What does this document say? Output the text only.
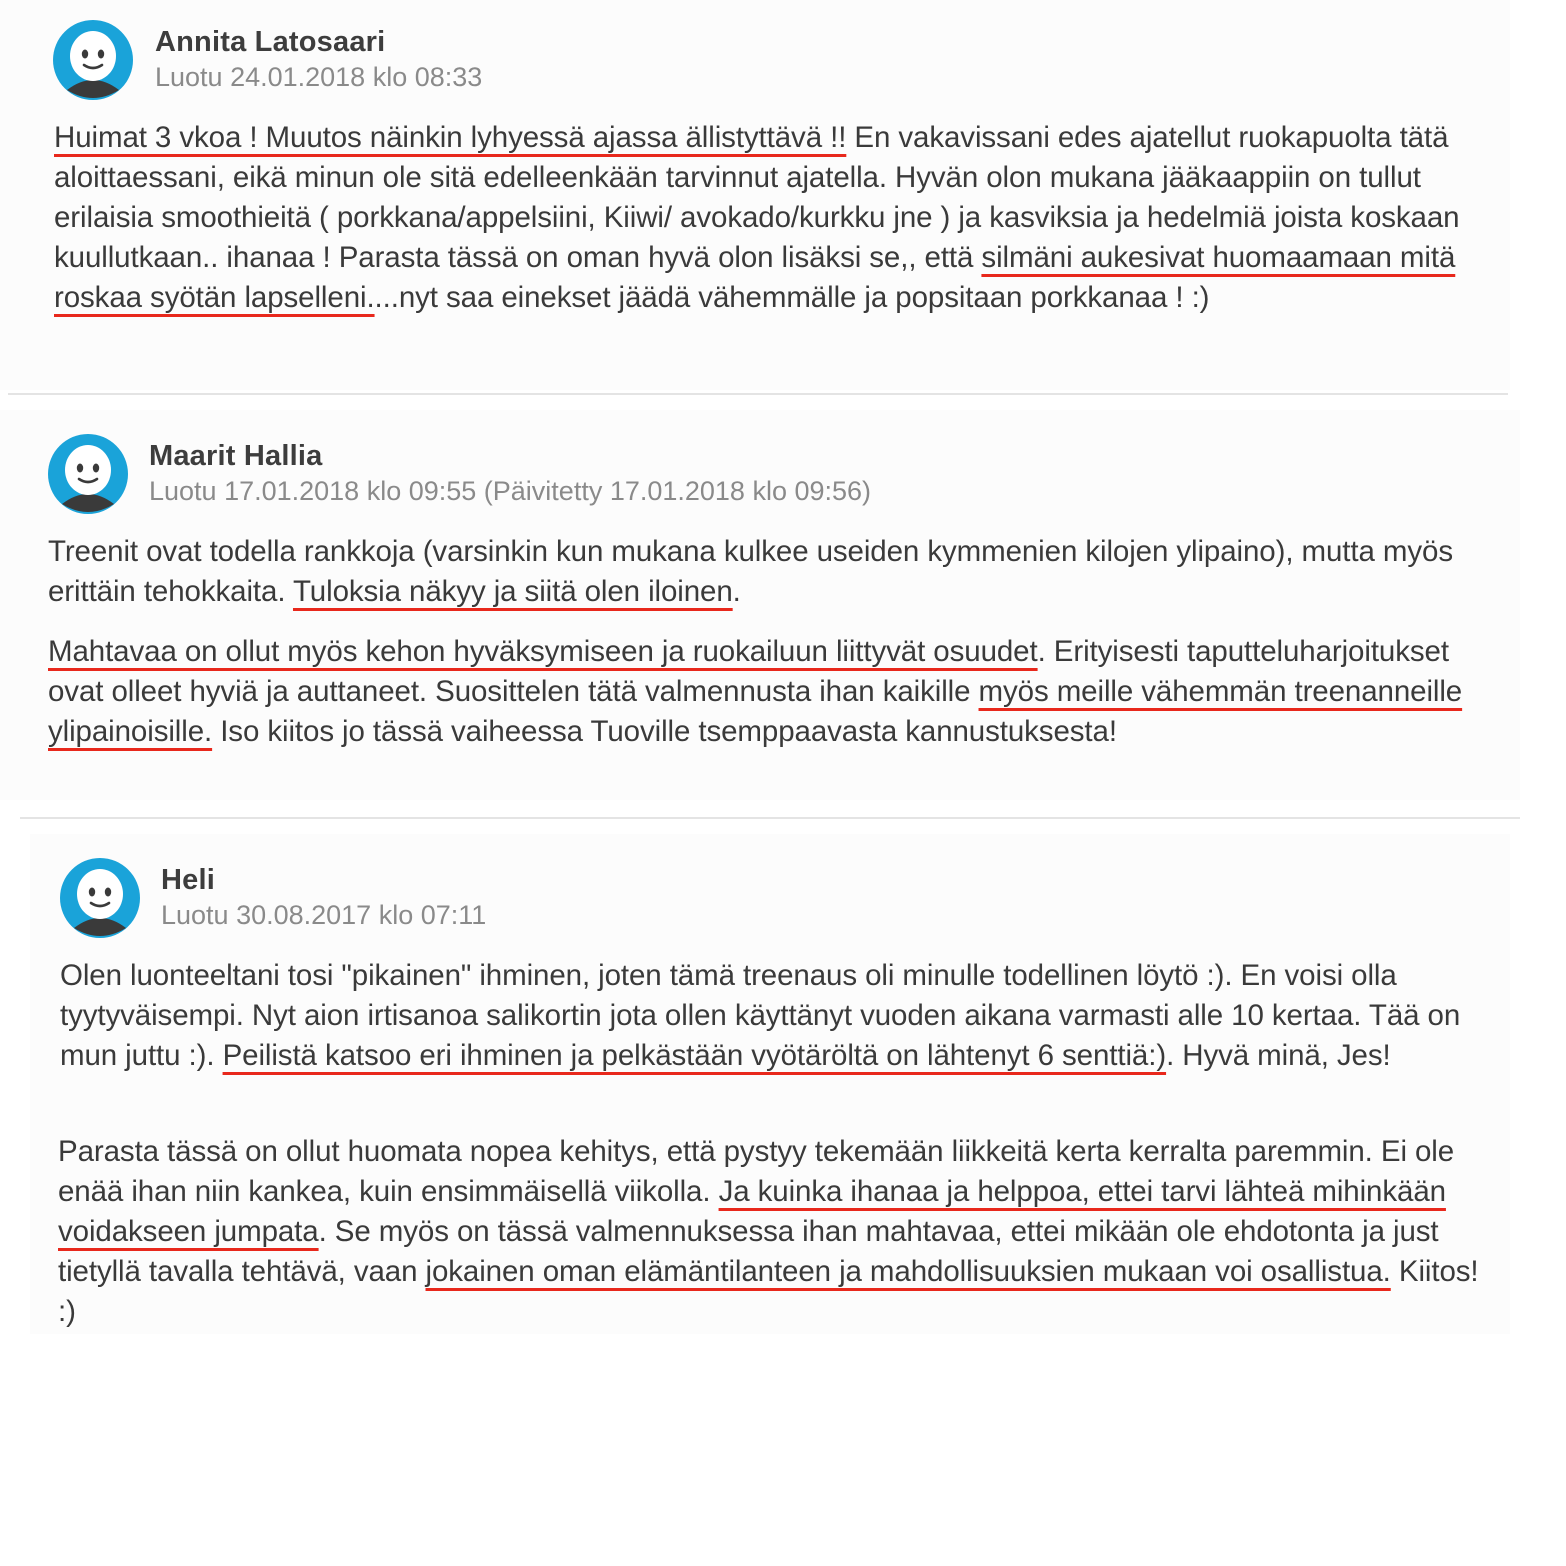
Annita Latosaari
Luotu 24.01.2018 klo 08:33

Huimat 3 vkoa ! Muutos näinkin lyhyessä ajassa ällistyttävä !! En vakavissani edes ajatellut ruokapuolta tätä aloittaessani, eikä minun ole sitä edelleenkään tarvinnut ajatella. Hyvän olon mukana jääkaappiin on tullut erilaisia smoothieitä ( porkkana/appelsiini, Kiiwi/ avokado/kurkku jne ) ja kasviksia ja hedelmiä joista koskaan kuullutkaan.. ihanaa ! Parasta tässä on oman hyvä olon lisäksi se,, että silmäni aukesivat huomaamaan mitä roskaa syötän lapselleni....nyt saa einekset jäädä vähemmälle ja popsitaan porkkanaa ! :)

Maarit Hallia
Luotu 17.01.2018 klo 09:55 (Päivitetty 17.01.2018 klo 09:56)

Treenit ovat todella rankkoja (varsinkin kun mukana kulkee useiden kymmenien kilojen ylipaino), mutta myös erittäin tehokkaita. Tuloksia näkyy ja siitä olen iloinen.

Mahtavaa on ollut myös kehon hyväksymiseen ja ruokailuun liittyvät osuudet. Erityisesti taputteluharjoitukset ovat olleet hyviä ja auttaneet. Suosittelen tätä valmennusta ihan kaikille myös meille vähemmän treenanneille ylipainoisille. Iso kiitos jo tässä vaiheessa Tuoville tsemppaavasta kannustuksesta!

Heli
Luotu 30.08.2017 klo 07:11

Olen luonteeltani tosi "pikainen" ihminen, joten tämä treenaus oli minulle todellinen löytö :). En voisi olla tyytyväisempi. Nyt aion irtisanoa salikortin jota ollen käyttänyt vuoden aikana varmasti alle 10 kertaa. Tää on mun juttu :). Peilistä katsoo eri ihminen ja pelkästään vyötäröltä on lähtenyt 6 senttiä:). Hyvä minä, Jes!

Parasta tässä on ollut huomata nopea kehitys, että pystyy tekemään liikkeitä kerta kerralta paremmin. Ei ole enää ihan niin kankea, kuin ensimmäisellä viikolla. Ja kuinka ihanaa ja helppoa, ettei tarvi lähteä mihinkään voidakseen jumpata. Se myös on tässä valmennuksessa ihan mahtavaa, ettei mikään ole ehdotonta ja just tietyllä tavalla tehtävä, vaan jokainen oman elämäntilanteen ja mahdollisuuksien mukaan voi osallistua. Kiitos! :)
